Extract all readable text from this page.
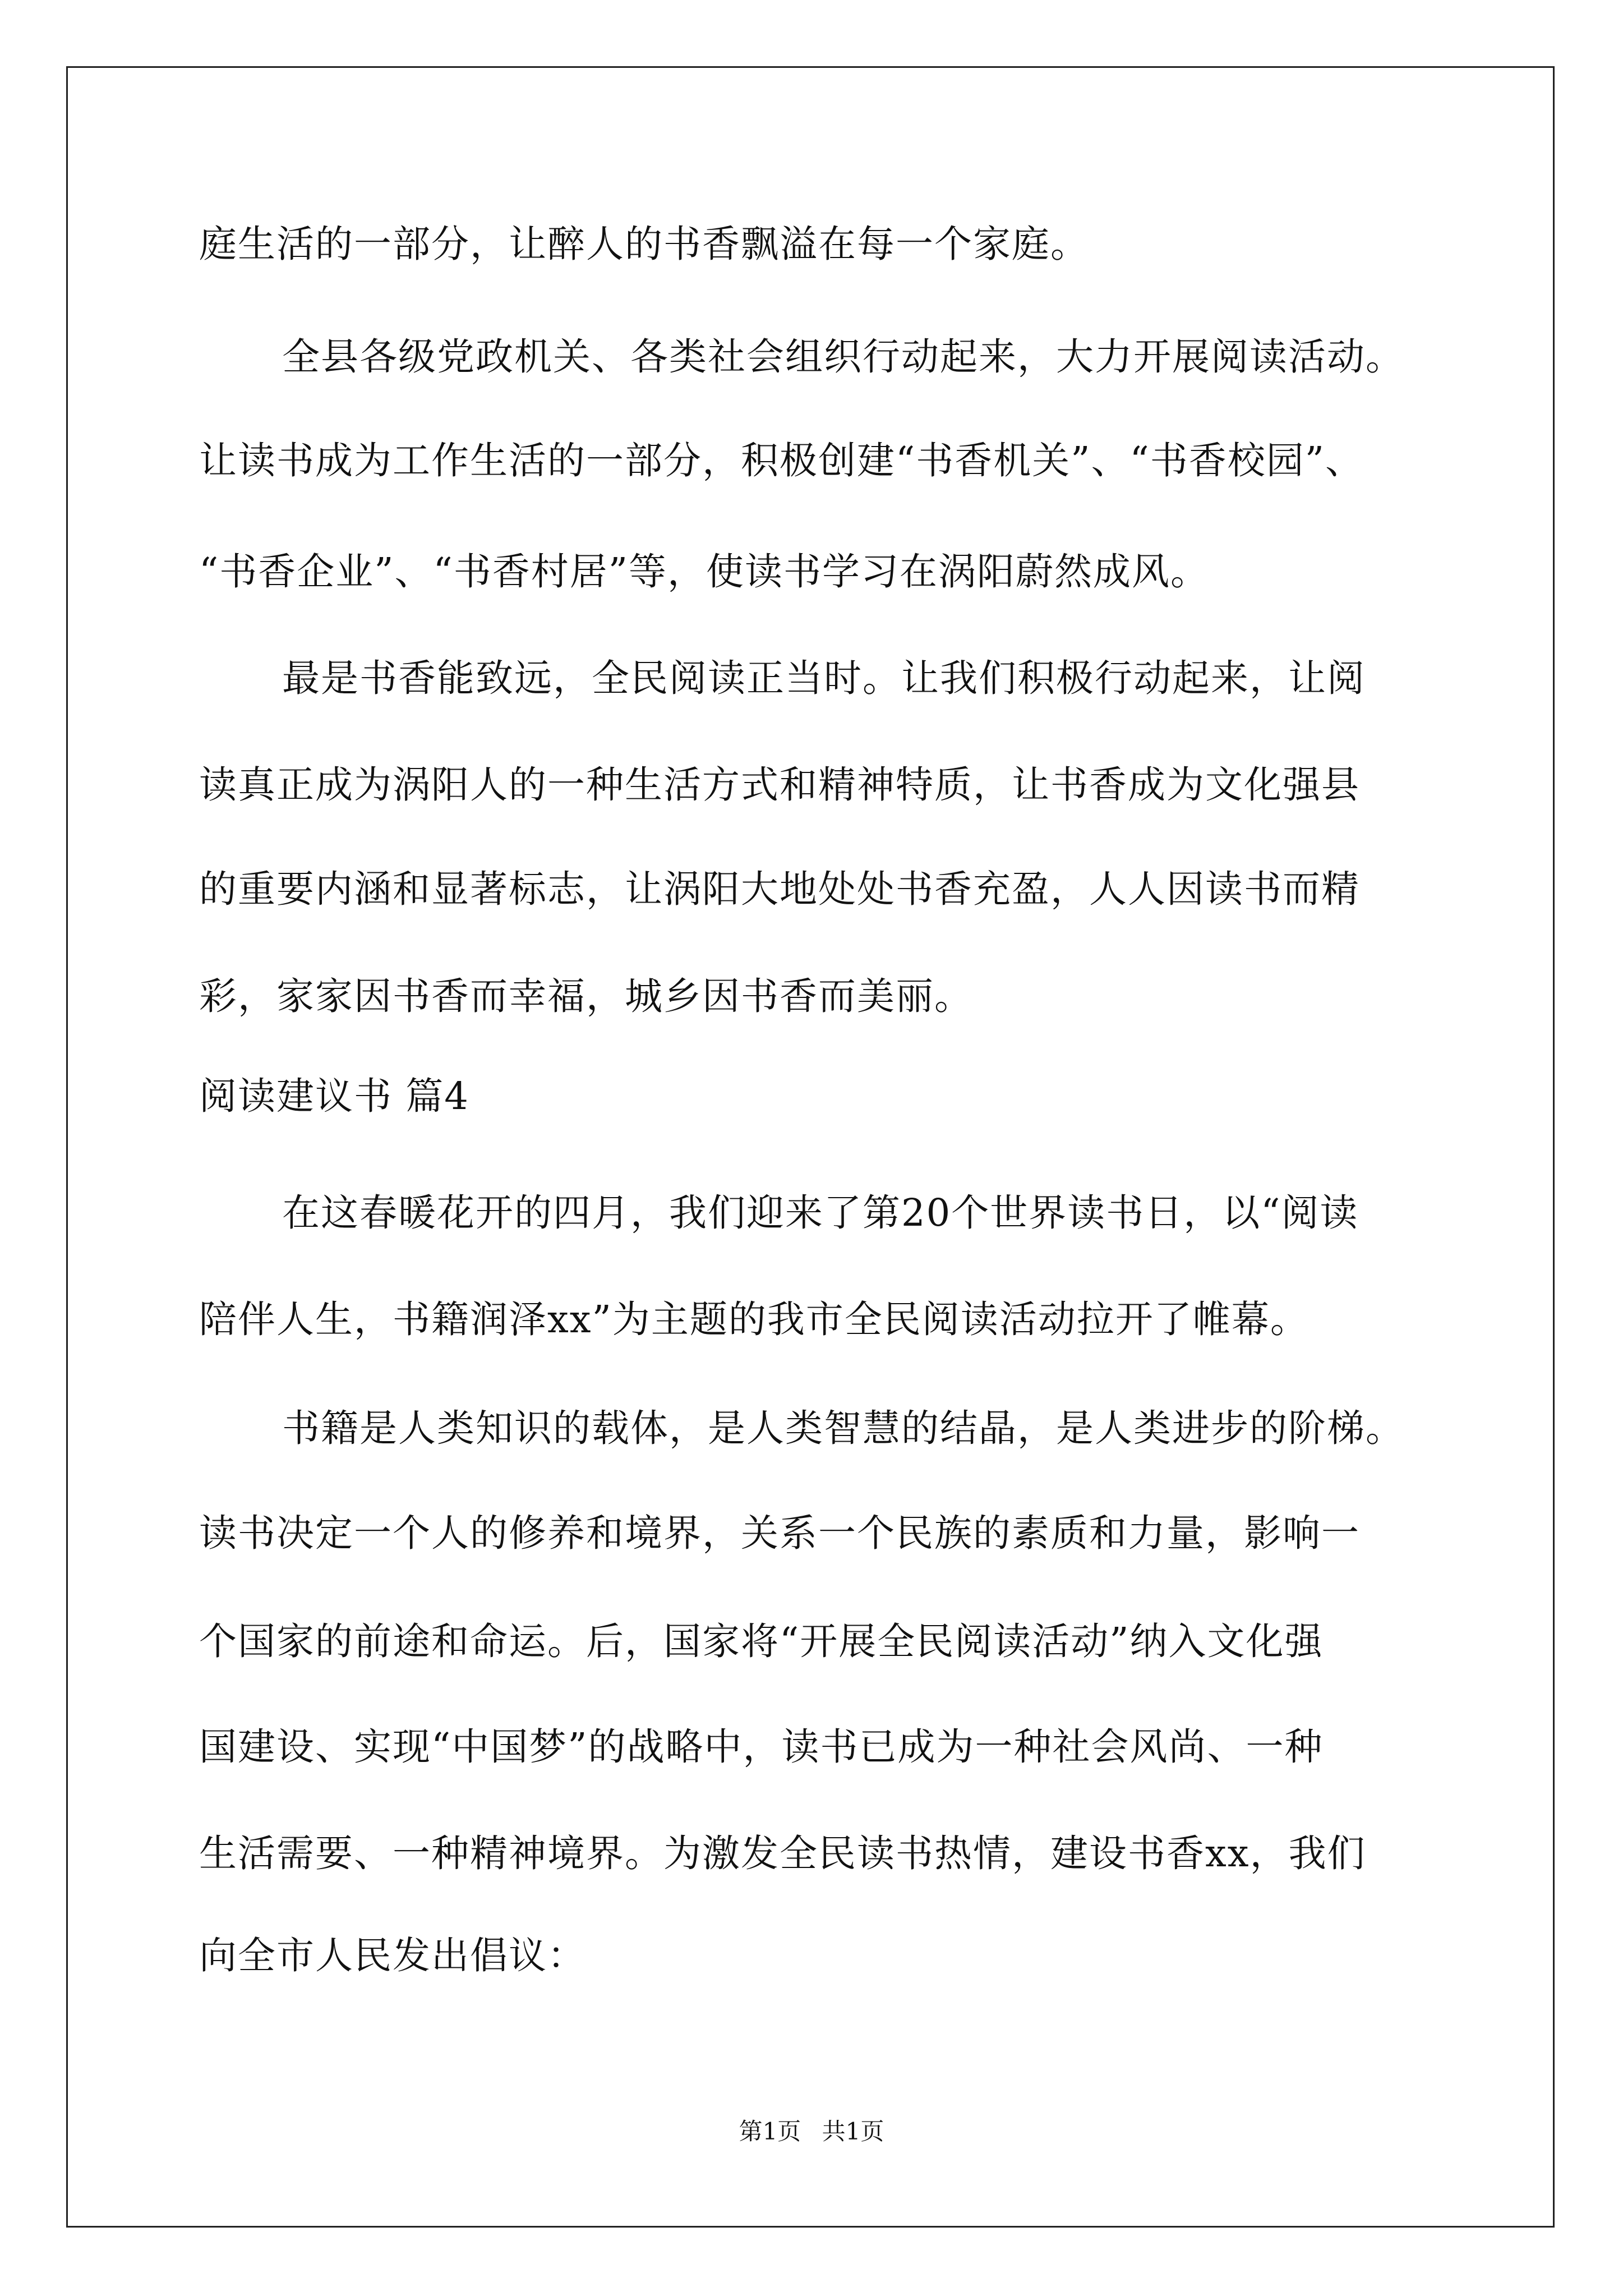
庭生活的一部分，让醉人的书香飘溢在每一个家庭。
全县各级党政机关、各类社会组织行动起来，大力开展阅读活动。
让读书成为工作生活的一部分，积极创建“书香机关”、“书香校园”、
“书香企业”、“书香村居”等，使读书学习在涡阳蔚然成风。
最是书香能致远，全民阅读正当时。让我们积极行动起来，让阅
读真正成为涡阳人的一种生活方式和精神特质，让书香成为文化强县
的重要内涵和显著标志，让涡阳大地处处书香充盈，人人因读书而精
彩，家家因书香而幸福，城乡因书香而美丽。
阅读建议书 篇4
在这春暖花开的四月，我们迎来了第20个世界读书日，以“阅读
陪伴人生，书籍润泽xx”为主题的我市全民阅读活动拉开了帷幕。
书籍是人类知识的载体，是人类智慧的结晶，是人类进步的阶梯。
读书决定一个人的修养和境界，关系一个民族的素质和力量，影响一
个国家的前途和命运。后，国家将“开展全民阅读活动”纳入文化强
国建设、实现“中国梦”的战略中，读书已成为一种社会风尚、一种
生活需要、一种精神境界。为激发全民读书热情，建设书香xx，我们
向全市人民发出倡议：
第1页 共1页
